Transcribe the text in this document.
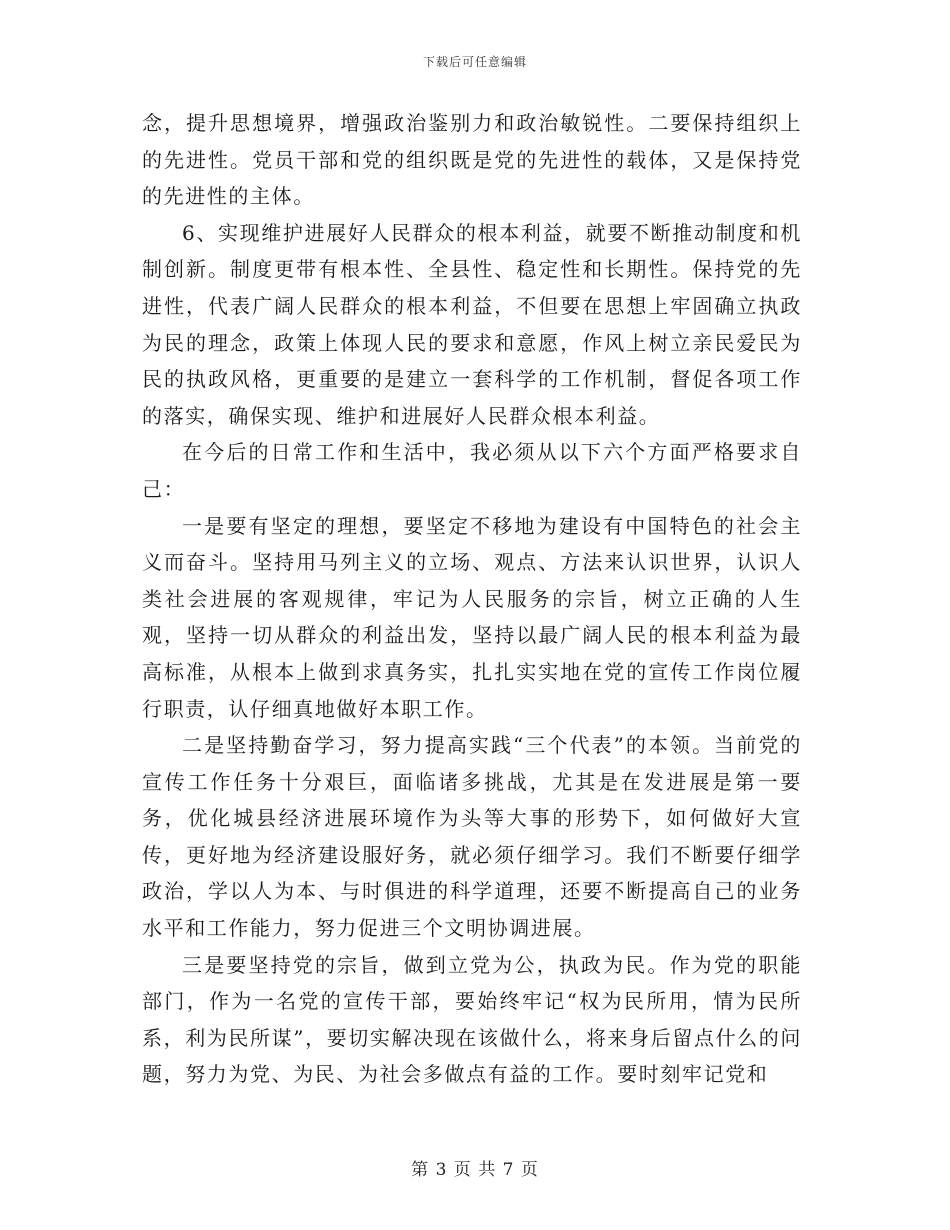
下载后可任意编辑

念，提升思想境界，增强政治鉴别力和政治敏锐性。二要保持组织上的先进性。党员干部和党的组织既是党的先进性的载体，又是保持党的先进性的主体。

6、实现维护进展好人民群众的根本利益，就要不断推动制度和机制创新。制度更带有根本性、全县性、稳定性和长期性。保持党的先进性，代表广阔人民群众的根本利益，不但要在思想上牢固确立执政为民的理念，政策上体现人民的要求和意愿，作风上树立亲民爱民为民的执政风格，更重要的是建立一套科学的工作机制，督促各项工作的落实，确保实现、维护和进展好人民群众根本利益。

在今后的日常工作和生活中，我必须从以下六个方面严格要求自己：

一是要有坚定的理想，要坚定不移地为建设有中国特色的社会主义而奋斗。坚持用马列主义的立场、观点、方法来认识世界，认识人类社会进展的客观规律，牢记为人民服务的宗旨，树立正确的人生观，坚持一切从群众的利益出发，坚持以最广阔人民的根本利益为最高标准，从根本上做到求真务实，扎扎实实地在党的宣传工作岗位履行职责，认仔细真地做好本职工作。

二是坚持勤奋学习，努力提高实践“三个代表”的本领。当前党的宣传工作任务十分艰巨，面临诸多挑战，尤其是在发进展是第一要务，优化城县经济进展环境作为头等大事的形势下，如何做好大宣传，更好地为经济建设服好务，就必须仔细学习。我们不断要仔细学政治，学以人为本、与时俱进的科学道理，还要不断提高自己的业务水平和工作能力，努力促进三个文明协调进展。

三是要坚持党的宗旨，做到立党为公，执政为民。作为党的职能部门，作为一名党的宣传干部，要始终牢记“权为民所用，情为民所系，利为民所谋”，要切实解决现在该做什么，将来身后留点什么的问题，努力为党、为民、为社会多做点有益的工作。要时刻牢记党和

第 3 页 共 7 页
